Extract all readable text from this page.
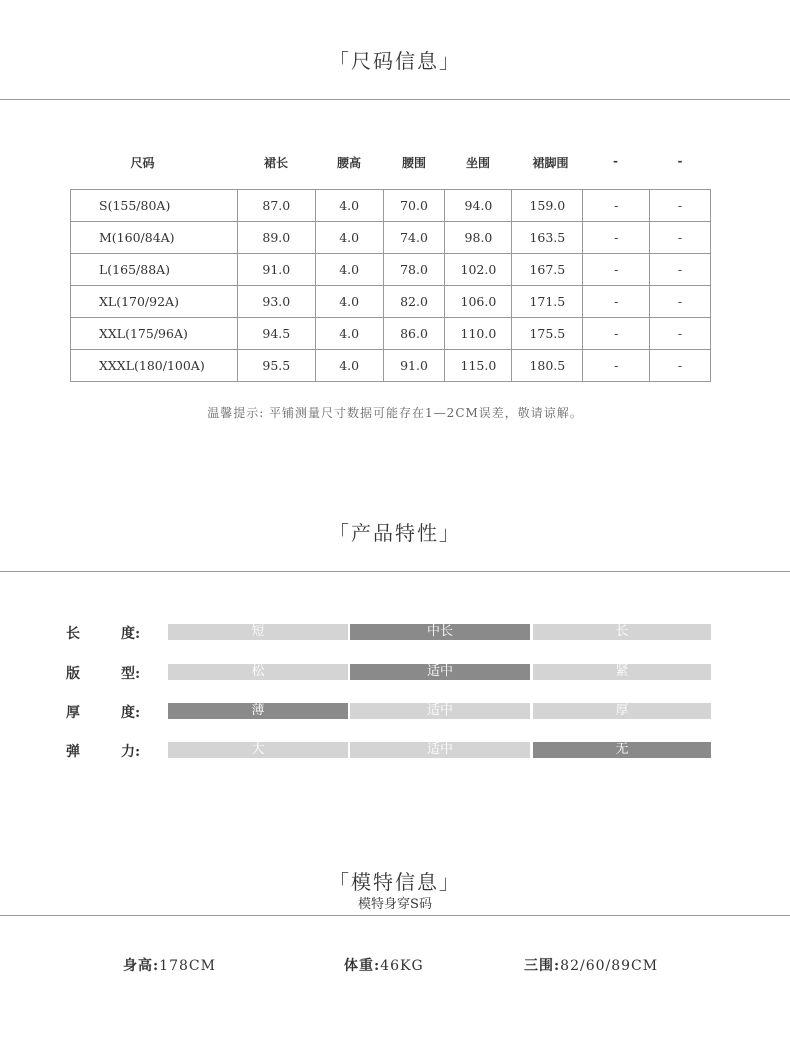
「尺码信息」
尺码	裙长	腰高	腰围	坐围	裙脚围	-	-
S(155/80A)	87.0	4.0	70.0	94.0	159.0	-	-
M(160/84A)	89.0	4.0	74.0	98.0	163.5	-	-
L(165/88A)	91.0	4.0	78.0	102.0	167.5	-	-
XL(170/92A)	93.0	4.0	82.0	106.0	171.5	-	-
XXL(175/96A)	94.5	4.0	86.0	110.0	175.5	-	-
XXXL(180/100A)	95.5	4.0	91.0	115.0	180.5	-	-
温馨提示: 平铺测量尺寸数据可能存在1—2CM误差，敬请谅解。
「产品特性」
长	度:	短	中长	长
版	型:	松	适中	紧
厚	度:	薄	适中	厚
弹	力:	大	适中	无
「模特信息」
模特身穿S码
身高:178CM	体重:46KG	三围:82/60/89CM
